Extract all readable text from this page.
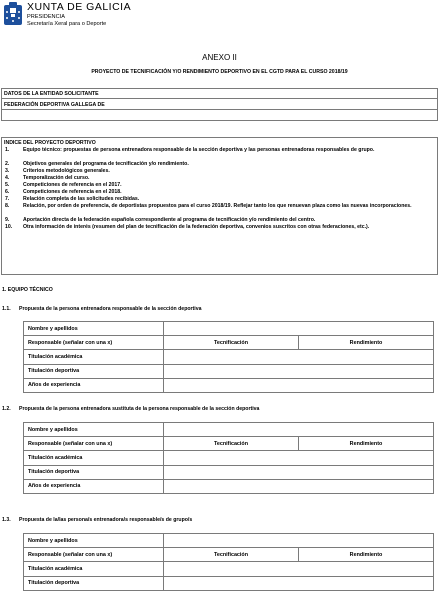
XUNTA DE GALICIA
PRESIDENCIA
Secretaría Xeral para o Deporte
ANEXO II
PROYECTO DE TECNIFICACIÓN Y/O RENDIMIENTO DEPORTIVO EN EL CGTD PARA EL CURSO 2018/19
DATOS DE LA ENTIDAD SOLICITANTE
FEDERACIÓN DEPORTIVA GALLEGA DE
INDICE DEL PROYECTO DEPORTIVO
1.	Equipo técnico: propuestas de persona entrenadora responsable de la sección deportiva y las personas entrenadoras responsables de grupo.
2.	Objetivos generales del programa de tecnificación y/o rendimiento.
3.	Criterios metodológicos generales.
4.	Temporalización del curso.
5.	Competiciones de referencia en el 2017.
6.	Competiciones de referencia en el 2018.
7.	Relación completa de las solicitudes recibidas.
8.	Relación, por orden de preferencia, de deportistas propuestos para el curso 2018/19. Reflejar tanto los que renuevan plaza como las nuevas incorporaciones.
9.	Aportación directa de la federación española correspondiente al programa de tecnificación y/o rendimiento del centro.
10.	Otra información de interés (resumen del plan de tecnificación de la federación deportiva, convenios suscritos con otras federaciones, etc.).
1. EQUIPO TÉCNICO
1.1. Propuesta de la persona entrenadora responsable de la sección deportiva
Nombre y apellidos		
Responsable (señalar con una x)	Tecnificación	Rendimiento
Titulación académica		
Titulación deportiva		
Años de experiencia		
1.2. Propuesta de la persona entrenadora sustituta de la persona responsable de la sección deportiva
Nombre y apellidos		
Responsable (señalar con una x)	Tecnificación	Rendimiento
Titulación académica		
Titulación deportiva		
Años de experiencia		
1.3. Propuesta de la/las persona/s entrenadora/s responsable/s de grupo/s
Nombre y apellidos		
Responsable (señalar con una x)	Tecnificación	Rendimiento
Titulación académica		
Titulación deportiva		
